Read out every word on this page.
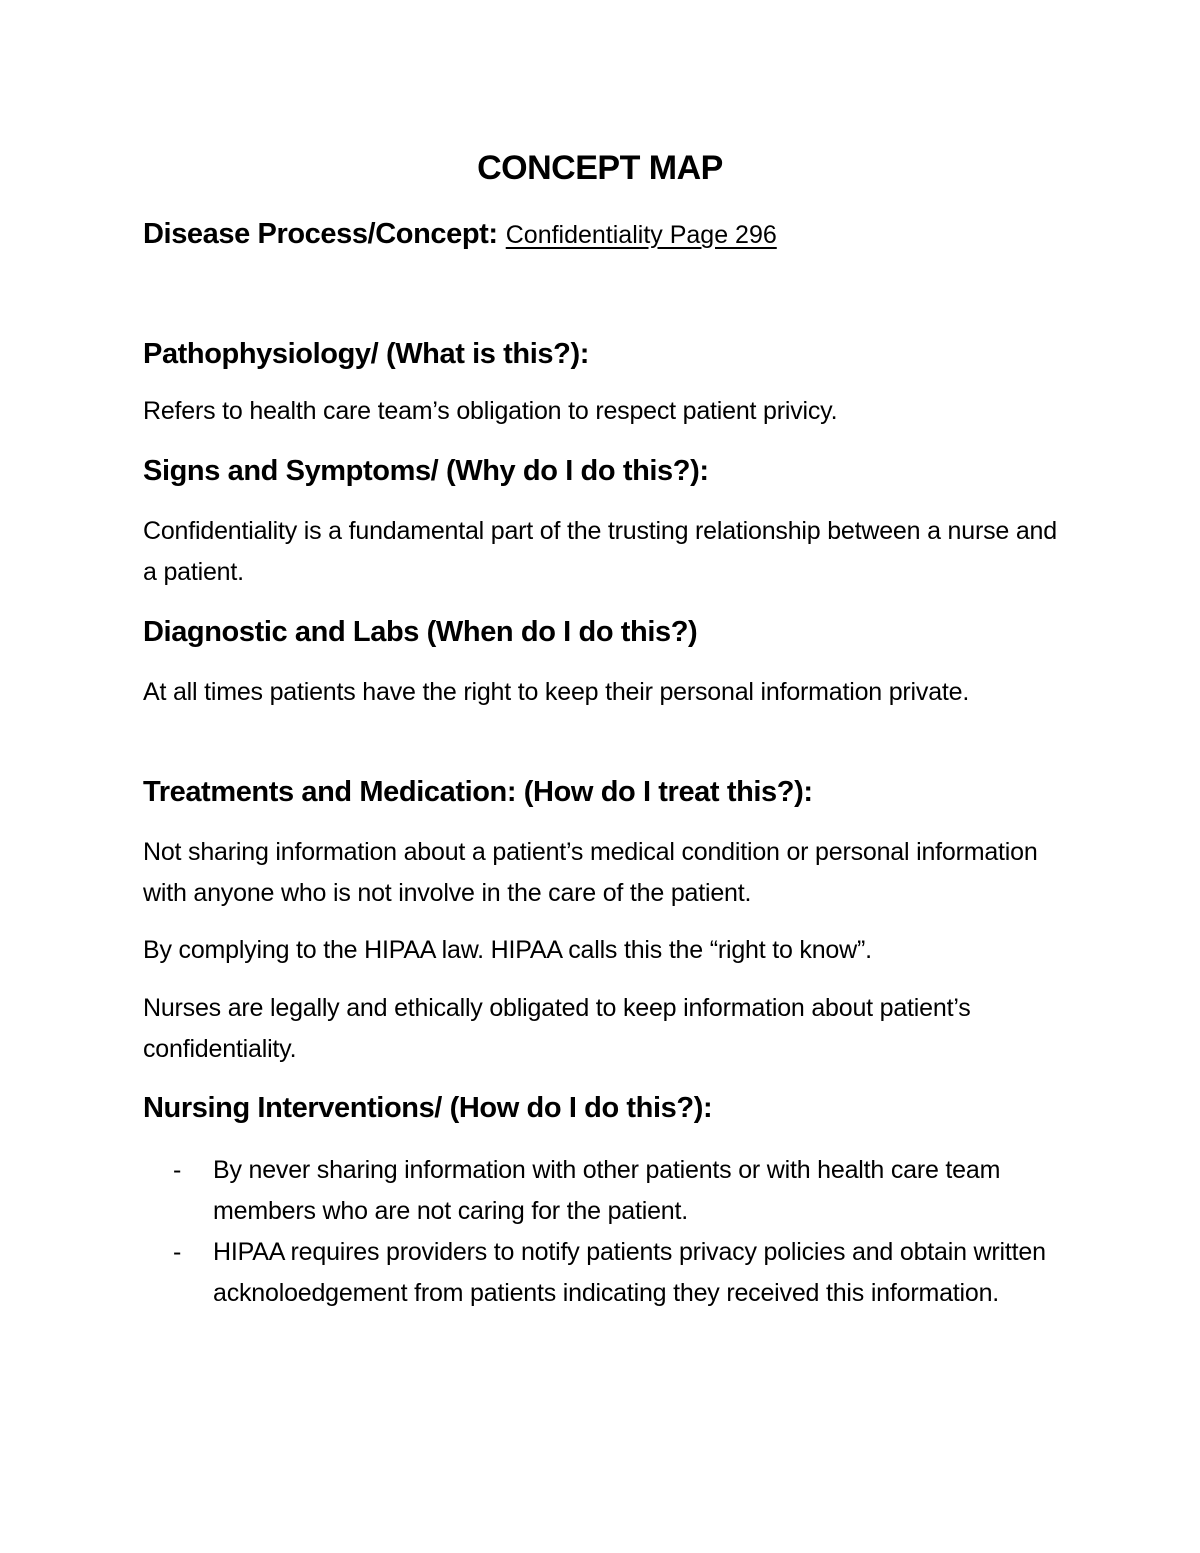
CONCEPT MAP
Disease Process/Concept: Confidentiality Page 296
Pathophysiology/ (What is this?):
Refers to health care team’s obligation to respect patient privicy.
Signs and Symptoms/ (Why do I do this?):
Confidentiality is a fundamental part of the trusting relationship between a nurse and a patient.
Diagnostic and Labs (When do I do this?)
At all times patients have the right to keep their personal information private.
Treatments and Medication: (How do I treat this?):
Not sharing information about a patient’s medical condition or personal information with anyone who is not involve in the care of the patient.
By complying to the HIPAA law. HIPAA calls this the “right to know”.
Nurses are legally and ethically obligated to keep information about patient’s confidentiality.
Nursing Interventions/ (How do I do this?):
- By never sharing information with other patients or with health care team members who are not caring for the patient.
- HIPAA requires providers to notify patients privacy policies and obtain written acknoloedgement from patients indicating they received this information.
